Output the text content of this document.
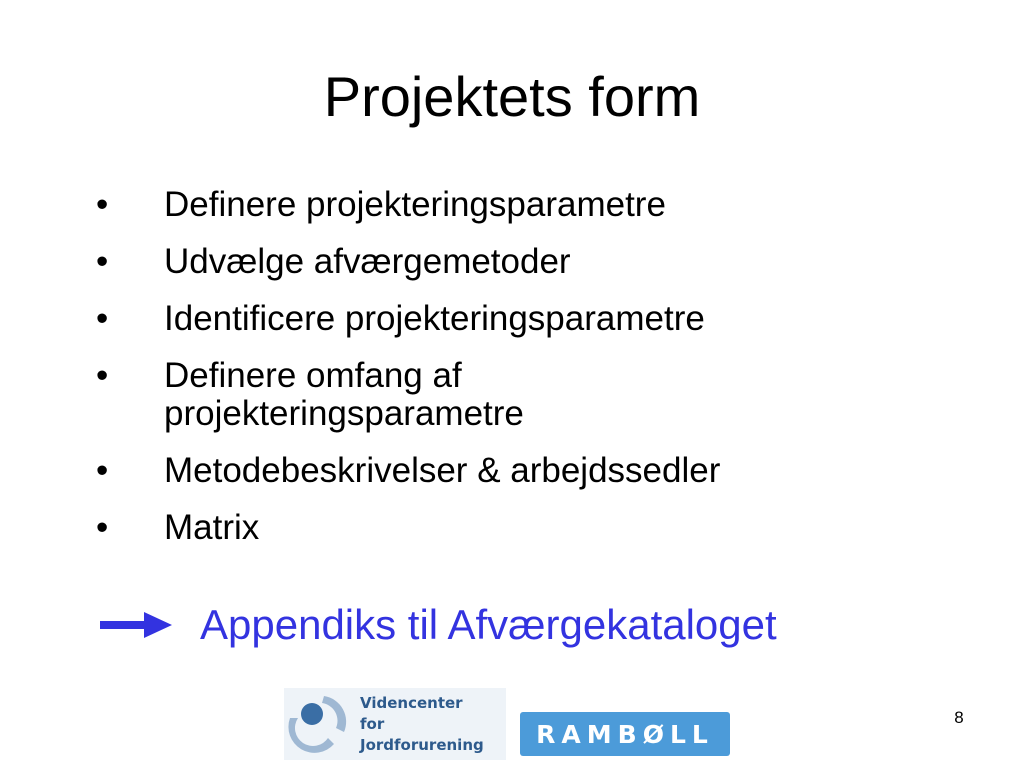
Projektets form
•	Definere projekteringsparametre
•	Udvælge afværgemetoder
•	Identificere projekteringsparametre
•	Definere omfang af projekteringsparametre
•	Metodebeskrivelser & arbejdssedler
•	Matrix
Appendiks til Afværgekataloget
Videncenter
for Jordforurening	RAMBØLL
8
